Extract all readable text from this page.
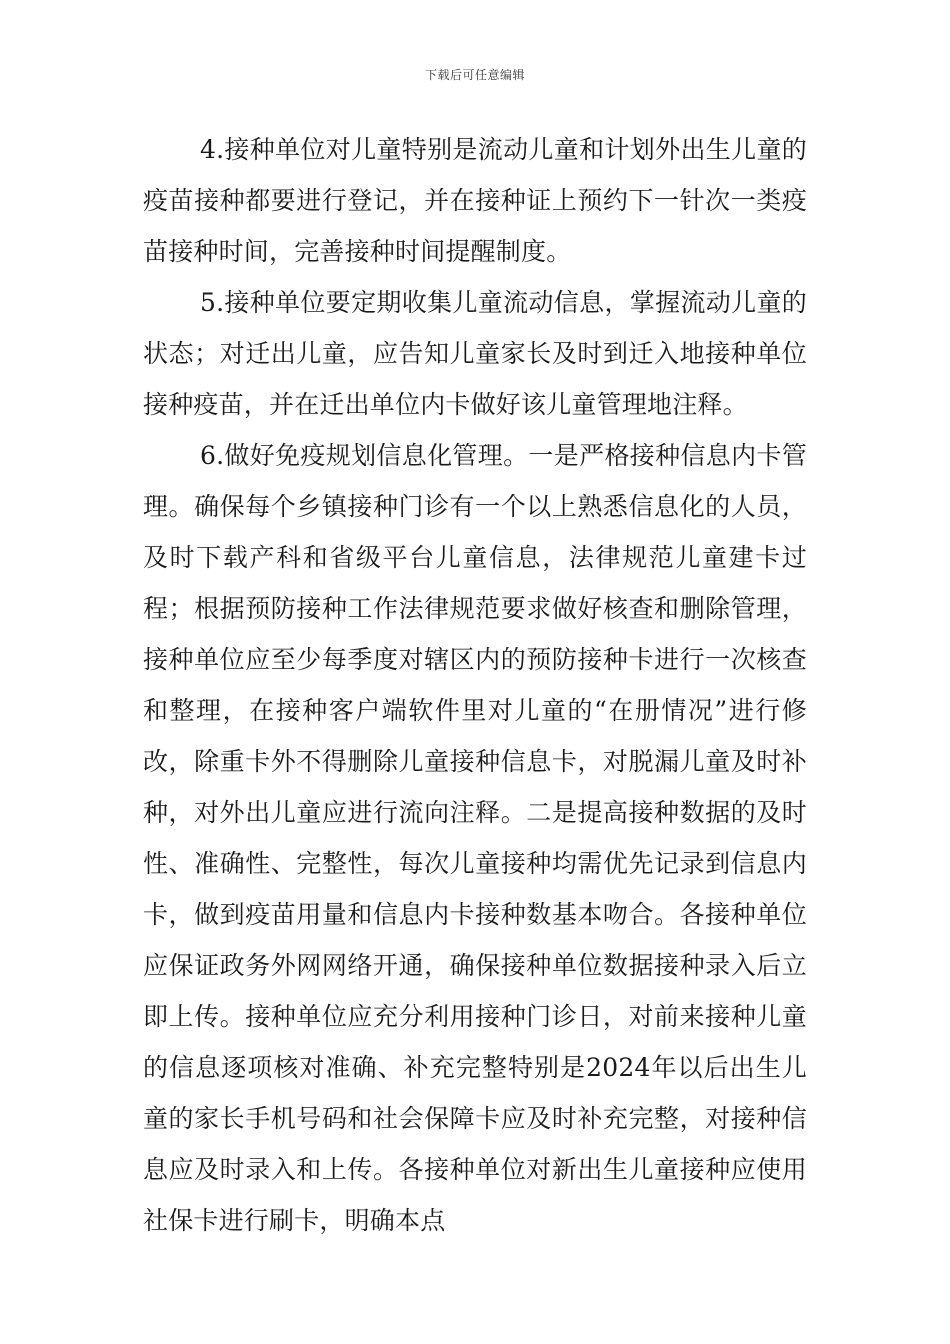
下载后可任意编辑

4.接种单位对儿童特别是流动儿童和计划外出生儿童的疫苗接种都要进行登记，并在接种证上预约下一针次一类疫苗接种时间，完善接种时间提醒制度。

5.接种单位要定期收集儿童流动信息，掌握流动儿童的状态；对迁出儿童，应告知儿童家长及时到迁入地接种单位接种疫苗，并在迁出单位内卡做好该儿童管理地注释。

6.做好免疫规划信息化管理。一是严格接种信息内卡管理。确保每个乡镇接种门诊有一个以上熟悉信息化的人员，及时下载产科和省级平台儿童信息，法律规范儿童建卡过程；根据预防接种工作法律规范要求做好核查和删除管理，接种单位应至少每季度对辖区内的预防接种卡进行一次核查和整理，在接种客户端软件里对儿童的“在册情况”进行修改，除重卡外不得删除儿童接种信息卡，对脱漏儿童及时补种，对外出儿童应进行流向注释。二是提高接种数据的及时性、准确性、完整性，每次儿童接种均需优先记录到信息内卡，做到疫苗用量和信息内卡接种数基本吻合。各接种单位应保证政务外网网络开通，确保接种单位数据接种录入后立即上传。接种单位应充分利用接种门诊日，对前来接种儿童的信息逐项核对准确、补充完整特别是2024年以后出生儿童的家长手机号码和社会保障卡应及时补充完整，对接种信息应及时录入和上传。各接种单位对新出生儿童接种应使用社保卡进行刷卡，明确本点
